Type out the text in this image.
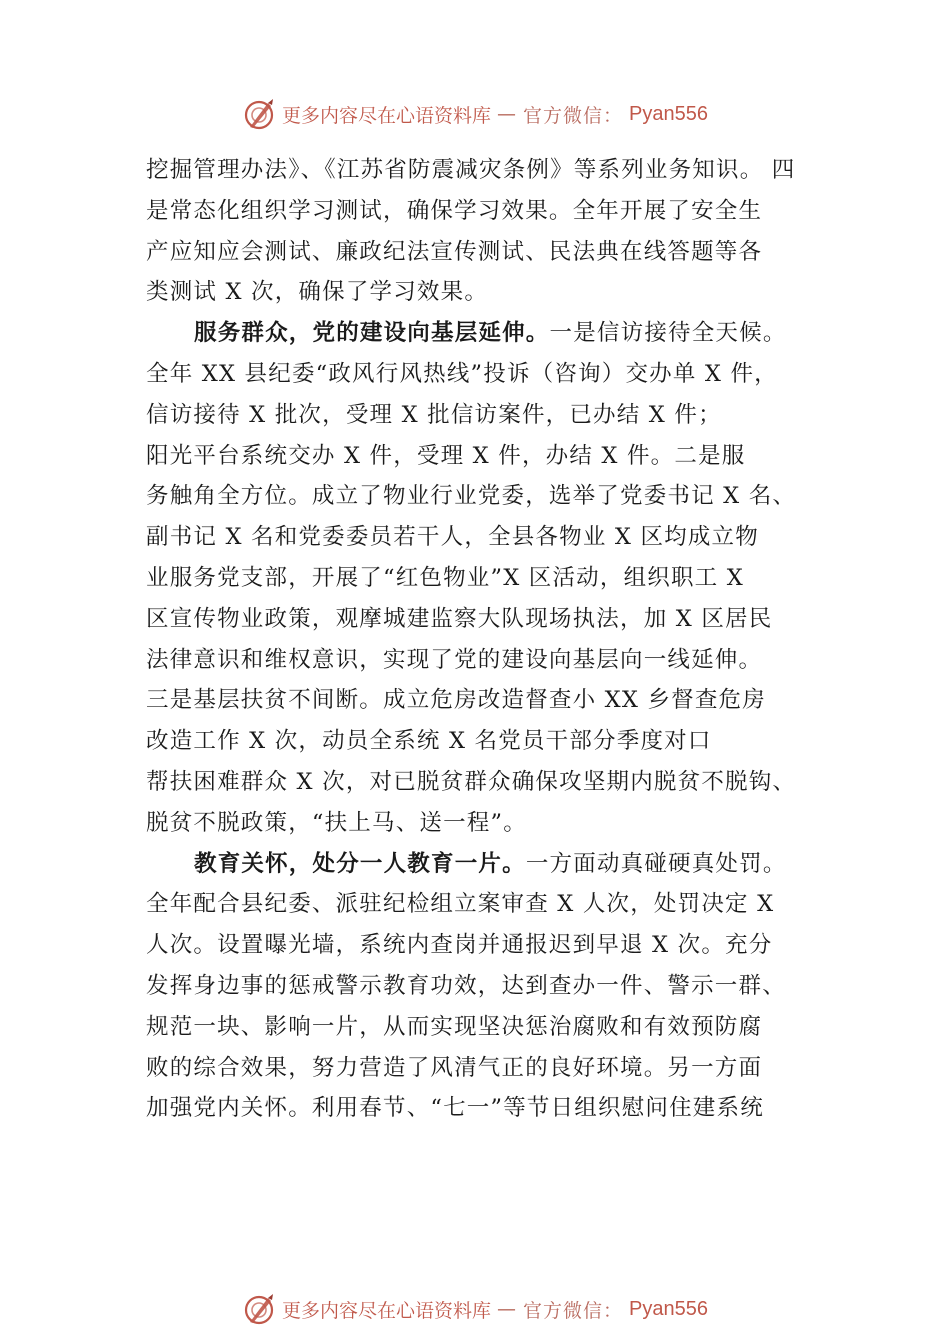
更多内容尽在心语资料库 — 官方微信： Pyan556
挖掘管理办法》、《江苏省防震减灾条例》等系列业务知识。 四
是常态化组织学习测试，确保学习效果。全年开展了安全生
产应知应会测试、廉政纪法宣传测试、民法典在线答题等各
类测试 X 次，确保了学习效果。
服务群众，党的建设向基层延伸。一是信访接待全天候。
全年 XX 县纪委“政风行风热线”投诉（咨询）交办单 X 件，
信访接待 X 批次，受理 X 批信访案件，已办结 X 件；
阳光平台系统交办 X 件，受理 X 件，办结 X 件。二是服
务触角全方位。成立了物业行业党委，选举了党委书记 X 名、
副书记 X 名和党委委员若干人，全县各物业 X 区均成立物
业服务党支部，开展了“红色物业”X 区活动，组织职工 X
区宣传物业政策，观摩城建监察大队现场执法，加 X 区居民
法律意识和维权意识，实现了党的建设向基层向一线延伸。
三是基层扶贫不间断。成立危房改造督查小 XX 乡督查危房
改造工作 X 次，动员全系统 X 名党员干部分季度对口
帮扶困难群众 X 次，对已脱贫群众确保攻坚期内脱贫不脱钩、
脱贫不脱政策，“扶上马、送一程”。
教育关怀，处分一人教育一片。一方面动真碰硬真处罚。
全年配合县纪委、派驻纪检组立案审查 X 人次，处罚决定 X
人次。设置曝光墙，系统内查岗并通报迟到早退 X 次。充分
发挥身边事的惩戒警示教育功效，达到查办一件、警示一群、
规范一块、影响一片，从而实现坚决惩治腐败和有效预防腐
败的综合效果，努力营造了风清气正的良好环境。另一方面
加强党内关怀。利用春节、“七一”等节日组织慰问住建系统
更多内容尽在心语资料库 — 官方微信： Pyan556
